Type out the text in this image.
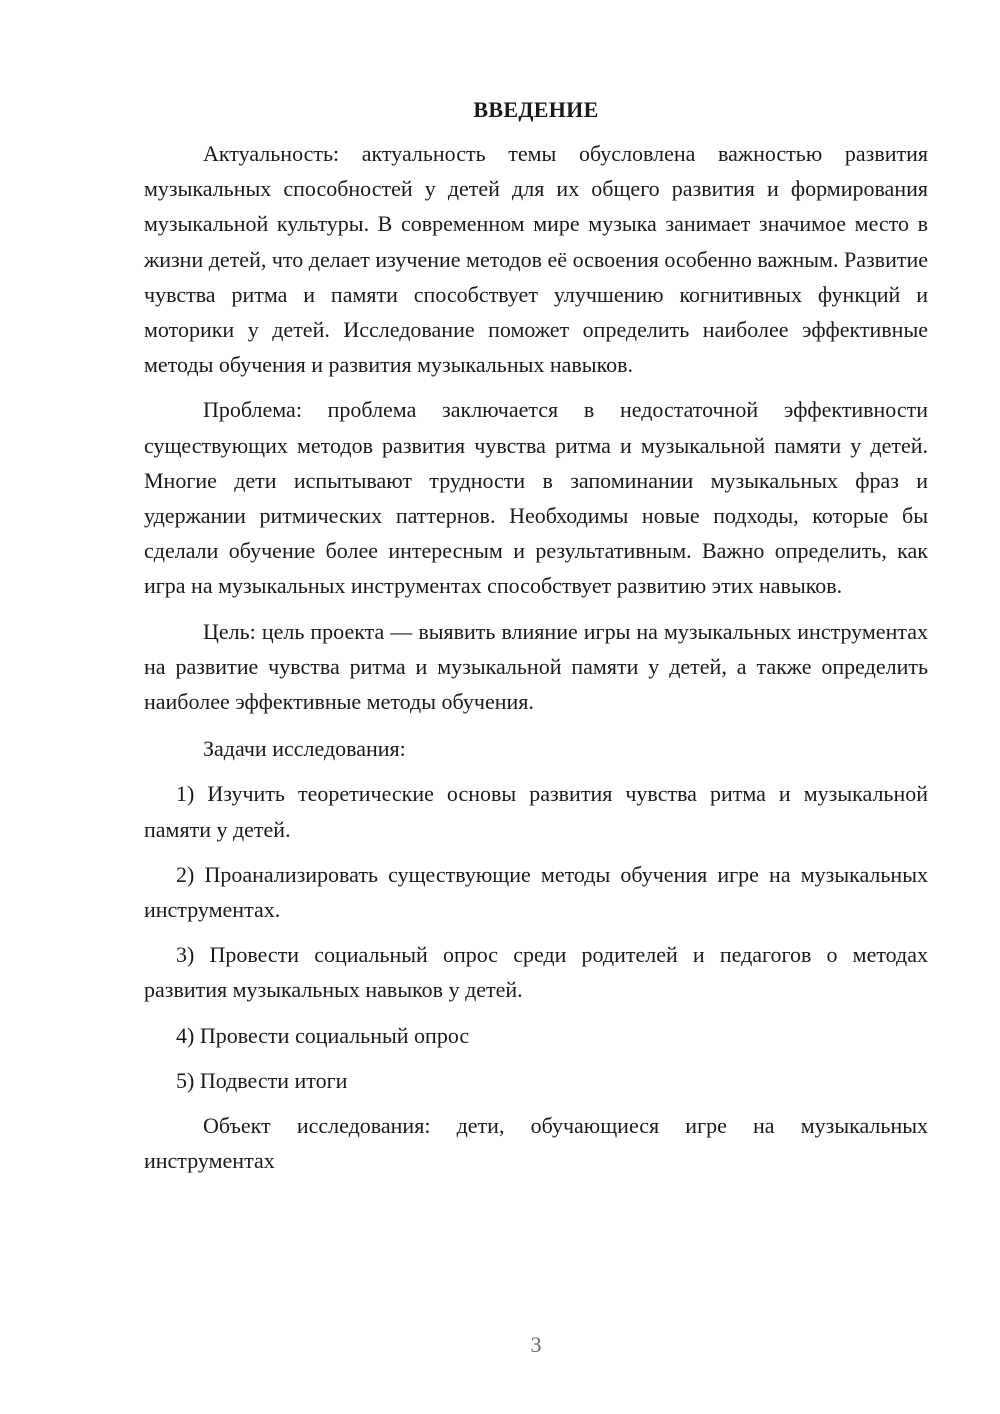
ВВЕДЕНИЕ

Актуальность: актуальность темы обусловлена важностью развития музыкальных способностей у детей для их общего развития и формирования музыкальной культуры. В современном мире музыка занимает значимое место в жизни детей, что делает изучение методов её освоения особенно важным. Развитие чувства ритма и памяти способствует улучшению когнитивных функций и моторики у детей. Исследование поможет определить наиболее эффективные методы обучения и развития музыкальных навыков.

Проблема: проблема заключается в недостаточной эффективности существующих методов развития чувства ритма и музыкальной памяти у детей. Многие дети испытывают трудности в запоминании музыкальных фраз и удержании ритмических паттернов. Необходимы новые подходы, которые бы сделали обучение более интересным и результативным. Важно определить, как игра на музыкальных инструментах способствует развитию этих навыков.

Цель: цель проекта — выявить влияние игры на музыкальных инструментах на развитие чувства ритма и музыкальной памяти у детей, а также определить наиболее эффективные методы обучения.

Задачи исследования:

1) Изучить теоретические основы развития чувства ритма и музыкальной памяти у детей.

2) Проанализировать существующие методы обучения игре на музыкальных инструментах.

3) Провести социальный опрос среди родителей и педагогов о методах развития музыкальных навыков у детей.

4) Провести социальный опрос

5) Подвести итоги

Объект исследования: дети, обучающиеся игре на музыкальных инструментах

3
